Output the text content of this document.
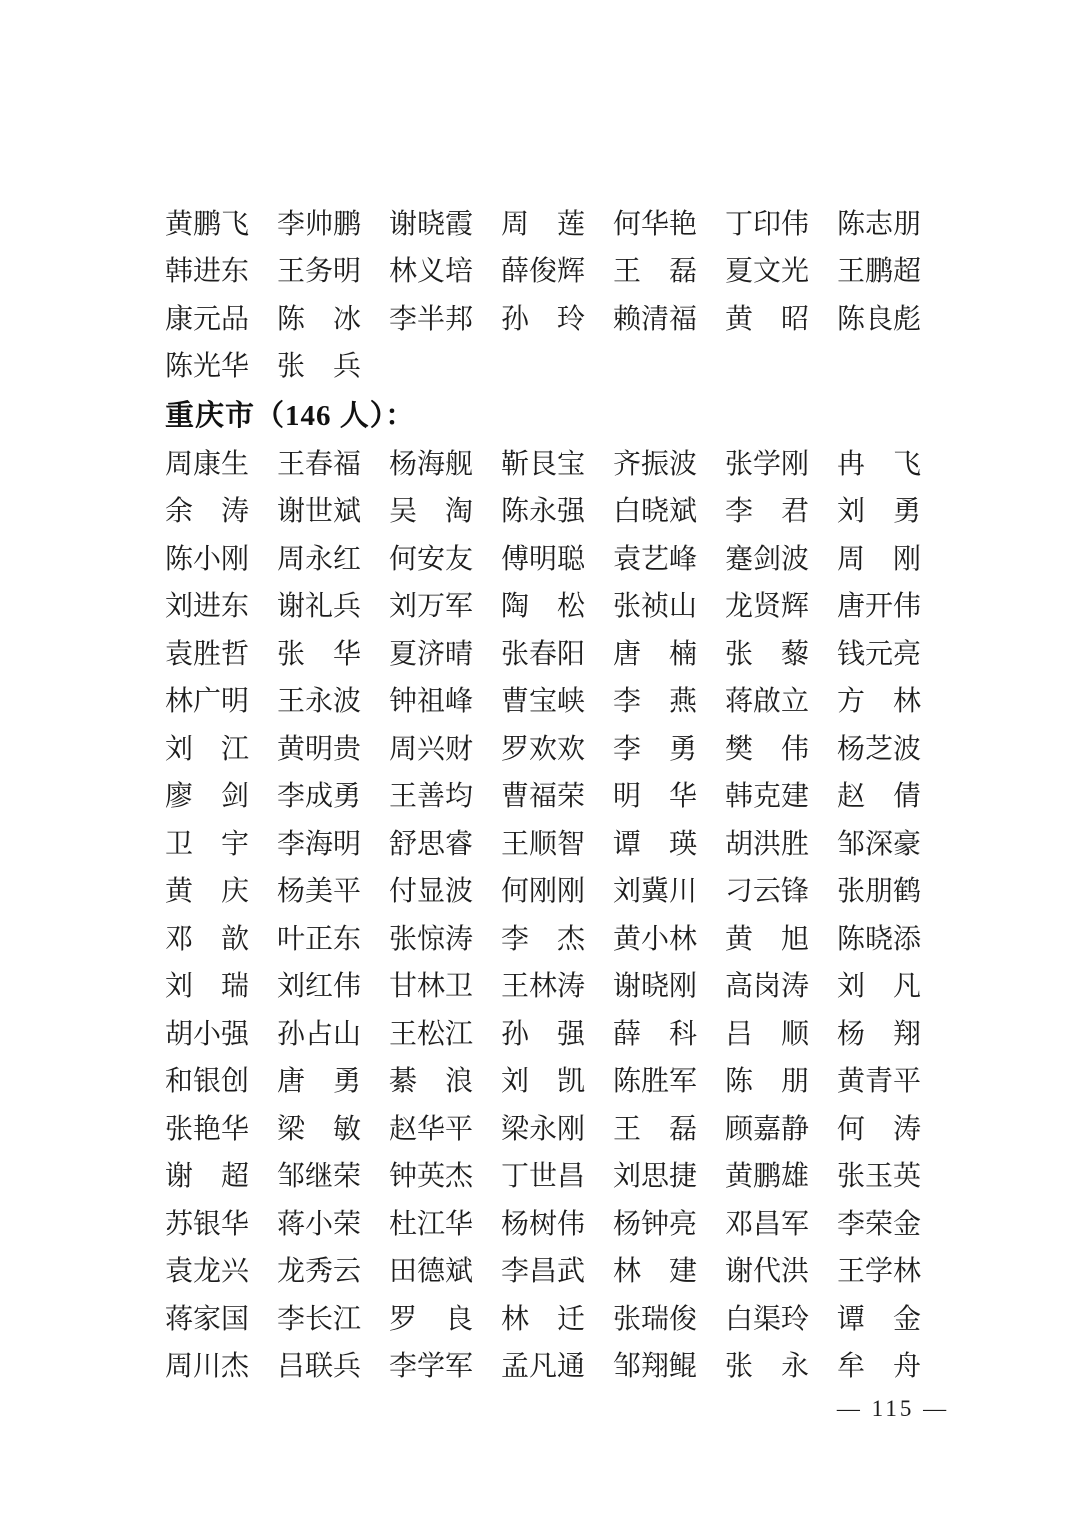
黄鹏飞 李帅鹏 谢晓霞 周　莲 何华艳 丁印伟 陈志朋
韩进东 王务明 林义培 薛俊辉 王　磊 夏文光 王鹏超
康元品 陈　冰 李半邦 孙　玲 赖清福 黄　昭 陈良彪
陈光华 张　兵
重庆市（146 人）：
周康生 王春福 杨海舰 靳艮宝 齐振波 张学刚 冉　飞
余　涛 谢世斌 吴　淘 陈永强 白晓斌 李　君 刘　勇
陈小刚 周永红 何安友 傅明聪 袁艺峰 蹇剑波 周　刚
刘进东 谢礼兵 刘万军 陶　松 张祯山 龙贤辉 唐开伟
袁胜哲 张　华 夏济晴 张春阳 唐　楠 张　藜 钱元亮
林广明 王永波 钟祖峰 曹宝峡 李　燕 蒋啟立 方　林
刘　江 黄明贵 周兴财 罗欢欢 李　勇 樊　伟 杨芝波
廖　剑 李成勇 王善均 曹福荣 明　华 韩克建 赵　倩
卫　宇 李海明 舒思睿 王顺智 谭　瑛 胡洪胜 邹深豪
黄　庆 杨美平 付显波 何刚刚 刘冀川 刁云锋 张朋鹤
邓　歆 叶正东 张惊涛 李　杰 黄小林 黄　旭 陈晓添
刘　瑞 刘红伟 甘林卫 王林涛 谢晓刚 高岗涛 刘　凡
胡小强 孙占山 王松江 孙　强 薛　科 吕　顺 杨　翔
和银创 唐　勇 綦　浪 刘　凯 陈胜军 陈　朋 黄青平
张艳华 梁　敏 赵华平 梁永刚 王　磊 顾嘉静 何　涛
谢　超 邹继荣 钟英杰 丁世昌 刘思捷 黄鹏雄 张玉英
苏银华 蒋小荣 杜江华 杨树伟 杨钟亮 邓昌军 李荣金
袁龙兴 龙秀云 田德斌 李昌武 林　建 谢代洪 王学林
蒋家国 李长江 罗　良 林　迁 张瑞俊 白渠玲 谭　金
周川杰 吕联兵 李学军 孟凡通 邹翔鲲 张　永 牟　舟
— 115 —
